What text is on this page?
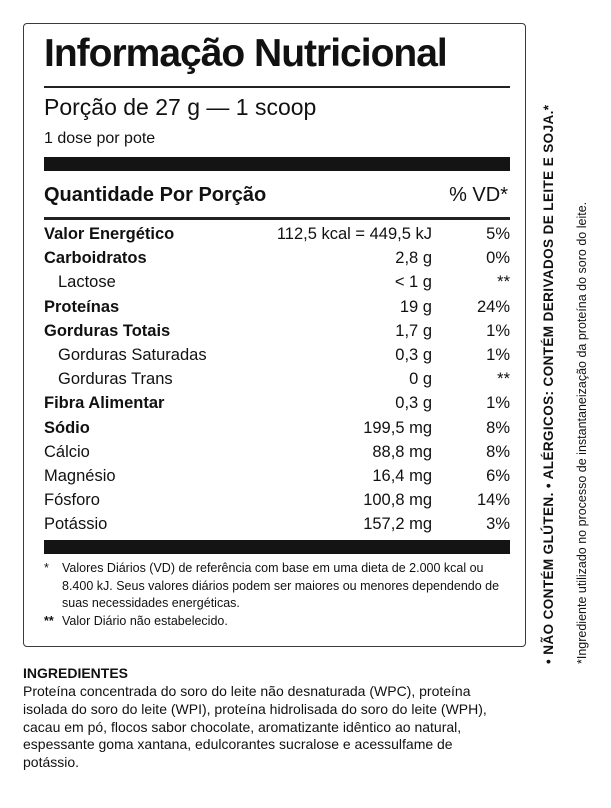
Informação Nutricional
Porção de 27 g — 1 scoop
1 dose por pote
Quantidade Por Porção	% VD*
Valor Energético	112,5 kcal = 449,5 kJ	5%
Carboidratos	2,8 g	0%
Lactose	< 1 g	**
Proteínas	19 g	24%
Gorduras Totais	1,7 g	1%
Gorduras Saturadas	0,3 g	1%
Gorduras Trans	0 g	**
Fibra Alimentar	0,3 g	1%
Sódio	199,5 mg	8%
Cálcio	88,8 mg	8%
Magnésio	16,4 mg	6%
Fósforo	100,8 mg	14%
Potássio	157,2 mg	3%
* Valores Diários (VD) de referência com base em uma dieta de 2.000 kcal ou 8.400 kJ. Seus valores diários podem ser maiores ou menores dependendo de suas necessidades energéticas.
** Valor Diário não estabelecido.
INGREDIENTES
Proteína concentrada do soro do leite não desnaturada (WPC), proteína isolada do soro do leite (WPI), proteína hidrolisada do soro do leite (WPH), cacau em pó, flocos sabor chocolate, aromatizante idêntico ao natural, espessante goma xantana, edulcorantes sucralose e acessulfame de potássio.
• NÃO CONTÉM GLÚTEN. • ALÉRGICOS: CONTÉM DERIVADOS DE LEITE E SOJA.* *Ingrediente utilizado no processo de instantaneização da proteína do soro do leite.
